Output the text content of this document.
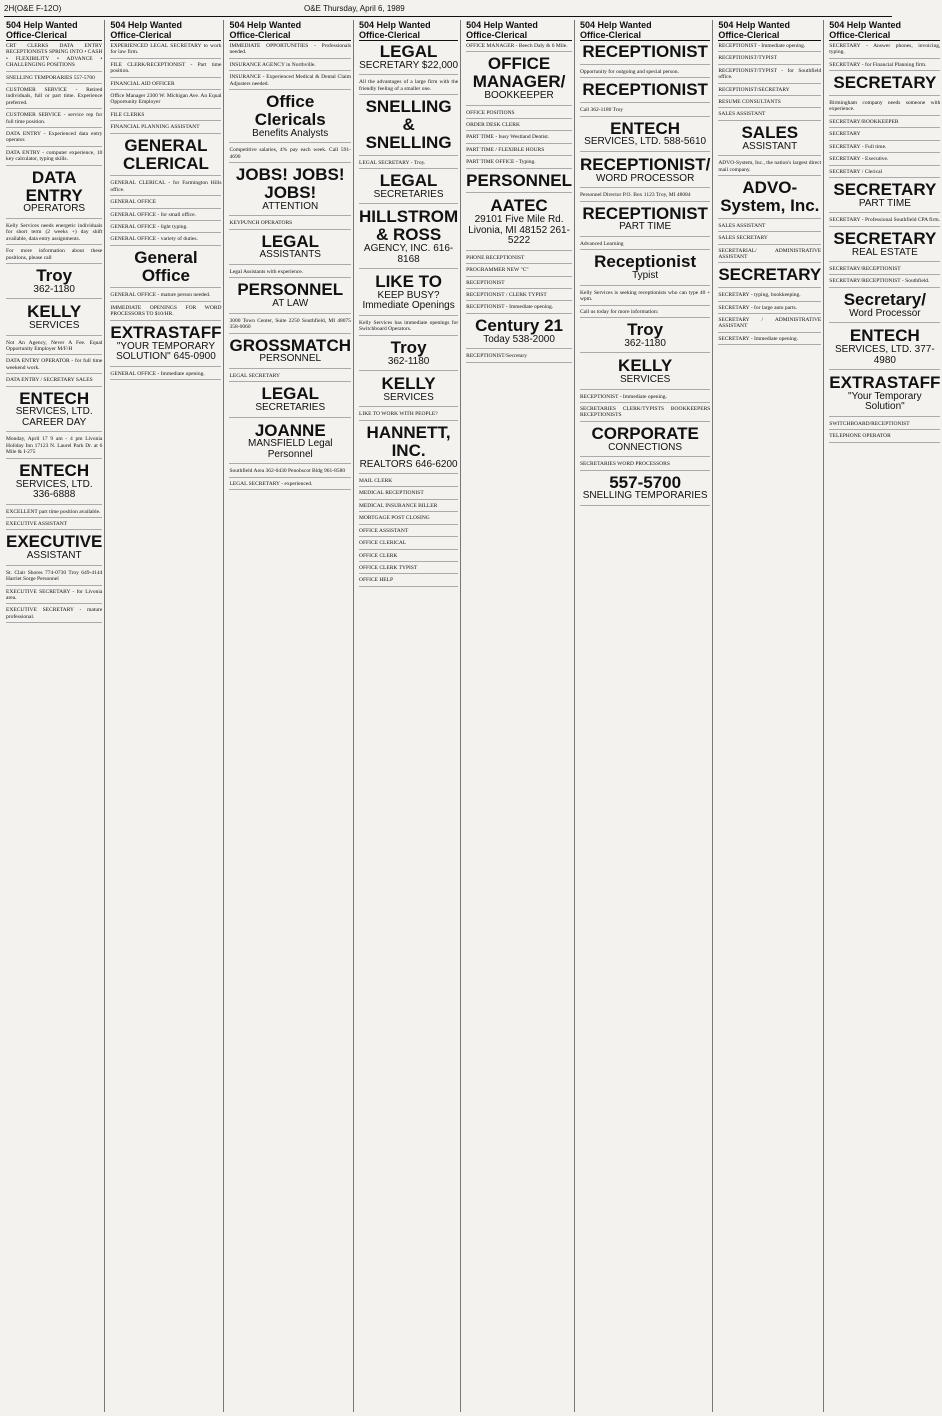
2H(O&E F-12O)	O&E Thursday, April 6, 1989
504 Help Wanted
Office-Clerical

CRT CLERKS DATA ENTRY RECEPTIONISTS SPRING INTO • CASH • FLEXIBILITY • ADVANCE • CHALLENGING POSITIONS

SNELLING TEMPORARIES 557-5700

CUSTOMER SERVICE - Retired individuals, full or part time. Experience preferred.

CUSTOMER SERVICE - service rep for full time position.

DATA ENTRY - Experienced data entry operator.

DATA ENTRY - computer experience, 10 key calculator, typing skills.

DATA ENTRY
OPERATORS

Kelly Services needs energetic individuals for short term (2 weeks +) day shift available, data entry assignments.

For more information about these positions, please call

Troy
362-1180
KELLY
SERVICES

Not An Agency, Never A Fee. Equal Opportunity Employer M/F/H

DATA ENTRY OPERATOR - for full time weekend work.

DATA ENTRY / SECRETARY SALES

ENTECH
SERVICES, LTD. CAREER DAY

Monday, April 17 9 am - 4 pm Livonia Holiday Inn 17123 N. Laurel Park Dr. at 6 Mile & I-275

ENTECH
SERVICES, LTD. 336-6888

EXCELLENT part time position available.

EXECUTIVE ASSISTANT

EXECUTIVE
ASSISTANT

St. Clair Shores 774-0730 Troy 649-4144 Harriet Sorge Personnel

EXECUTIVE SECRETARY - for Livonia area.

EXECUTIVE SECRETARY - mature professional.

504 Help Wanted
Office-Clerical

EXPERIENCED LEGAL SECRETARY to work for law firm.

FILE CLERK/RECEPTIONIST - Part time position.

FINANCIAL AID OFFICER

Office Manager 2300 W. Michigan Ave. An Equal Opportunity Employer

FILE CLERKS

FINANCIAL PLANNING ASSISTANT

GENERAL CLERICAL

GENERAL CLERICAL - for Farmington Hills office.

GENERAL OFFICE

GENERAL OFFICE - for small office.

GENERAL OFFICE - light typing.

GENERAL OFFICE - variety of duties.

General Office

GENERAL OFFICE - mature person needed.

IMMEDIATE OPENINGS FOR WORD PROCESSORS TO $10/HR.

EXTRASTAFF
"YOUR TEMPORARY SOLUTION" 645-0900

GENERAL OFFICE - Immediate opening.

504 Help Wanted
Office-Clerical

IMMEDIATE OPPORTUNITIES - Professionals needed.

INSURANCE AGENCY in Northville.

INSURANCE - Experienced Medical & Dental Claim Adjusters needed.

Office Clericals
Benefits Analysts

Competitive salaries, 4% pay each week. Call 591-4690

JOBS! JOBS! JOBS!
ATTENTION

KEYPUNCH OPERATORS

LEGAL
ASSISTANTS

Legal Assistants with experience.

PERSONNEL
AT LAW

3000 Town Center, Suite 2250 Southfield, MI 48075 358-0060

GROSSMATCH
PERSONNEL

LEGAL SECRETARY

LEGAL
SECRETARIES
JOANNE
MANSFIELD Legal Personnel

Southfield Area 362-0430 Penobscot Bldg 961-8580

LEGAL SECRETARY - experienced.

504 Help Wanted
Office-Clerical
LEGAL
SECRETARY $22,000

All the advantages of a large firm with the friendly feeling of a smaller one.

SNELLING & SNELLING

LEGAL SECRETARY - Troy.

LEGAL
SECRETARIES
HILLSTROM & ROSS
AGENCY, INC. 616-8168
LIKE TO
KEEP BUSY? Immediate Openings

Kelly Services has immediate openings for Switchboard Operators.

Troy
362-1180
KELLY
SERVICES

LIKE TO WORK WITH PEOPLE?

HANNETT, INC.
REALTORS 646-6200

MAIL CLERK

MEDICAL RECEPTIONIST

MEDICAL INSURANCE BILLER

MORTGAGE POST CLOSING

OFFICE ASSISTANT

OFFICE CLERICAL

OFFICE CLERK

OFFICE CLERK TYPIST

OFFICE HELP

504 Help Wanted
Office-Clerical

OFFICE MANAGER - Beech Daly & 6 Mile.

OFFICE MANAGER/
BOOKKEEPER

OFFICE POSITIONS

ORDER DESK CLERK

PART TIME - busy Westland Dentist.

PART TIME / FLEXIBLE HOURS

PART TIME OFFICE - Typing.

PERSONNEL
AATEC
29101 Five Mile Rd. Livonia, MI 48152 261-5222

PHONE RECEPTIONIST

PROGRAMMER NEW "C"

RECEPTIONIST

RECEPTIONIST / CLERK TYPIST

RECEPTIONIST - Immediate opening.

Century 21
Today 538-2000

RECEPTIONIST/Secretary

504 Help Wanted
Office-Clerical
RECEPTIONIST

Opportunity for outgoing and special person.

RECEPTIONIST

Call 362-1180 Troy

ENTECH
SERVICES, LTD. 588-5610
RECEPTIONIST/
WORD PROCESSOR

Personnel Director P.O. Box 1123 Troy, MI 48084

RECEPTIONIST
PART TIME

Advanced Learning

Receptionist
Typist

Kelly Services is seeking receptionists who can type 40 + wpm.

Call us today for more information:

Troy
362-1180
KELLY
SERVICES

RECEPTIONIST - Immediate opening.

SECRETARIES CLERK/TYPISTS BOOKKEEPERS RECEPTIONISTS

CORPORATE
CONNECTIONS

SECRETARIES WORD PROCESSORS

557-5700
SNELLING TEMPORARIES
504 Help Wanted
Office-Clerical

RECEPTIONIST - Immediate opening.

RECEPTIONIST/TYPIST

RECEPTIONIST/TYPIST - for Southfield office.

RECEPTIONIST/SECRETARY

RESUME CONSULTANTS

SALES ASSISTANT

SALES
ASSISTANT

ADVO-System, Inc., the nation's largest direct mail company.

ADVO-System, Inc.

SALES ASSISTANT

SALES SECRETARY

SECRETARIAL/ ADMINISTRATIVE ASSISTANT

SECRETARY

SECRETARY - typing, bookkeeping.

SECRETARY - for large auto parts.

SECRETARY / ADMINISTRATIVE ASSISTANT

SECRETARY - Immediate opening.

504 Help Wanted
Office-Clerical

SECRETARY - Answer phones, invoicing, typing.

SECRETARY - for Financial Planning firm.

SECRETARY

Birmingham company needs someone with experience.

SECRETARY/BOOKKEEPER

SECRETARY

SECRETARY - Full time.

SECRETARY - Executive.

SECRETARY / Clerical

SECRETARY
PART TIME

SECRETARY - Professional Southfield CPA firm.

SECRETARY
REAL ESTATE

SECRETARY/RECEPTIONIST

SECRETARY/RECEPTIONIST - Southfield.

Secretary/
Word Processor
ENTECH
SERVICES, LTD. 377-4980
EXTRASTAFF
"Your Temporary Solution"

SWITCHBOARD/RECEPTIONIST

TELEPHONE OPERATOR
